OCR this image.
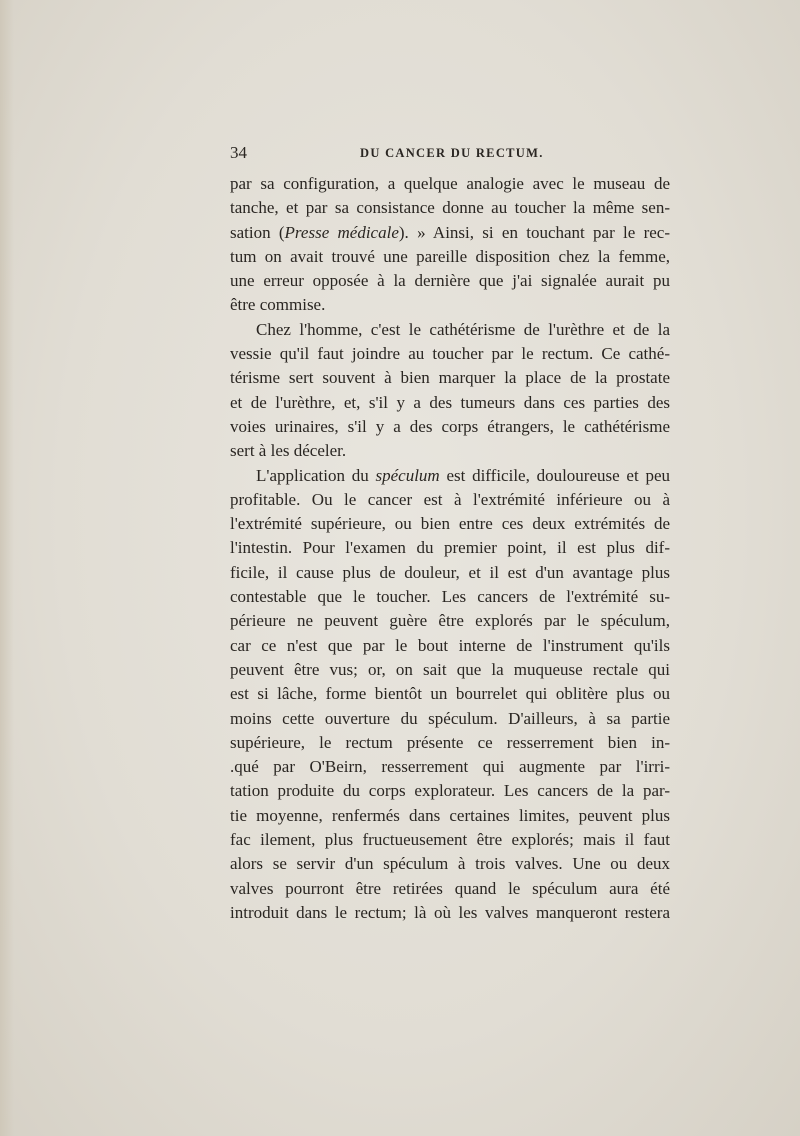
34	DU CANCER DU RECTUM.
par sa configuration, a quelque analogie avec le museau de
tanche, et par sa consistance donne au toucher la même sen-
sation (Presse médicale). » Ainsi, si en touchant par le rec-
tum on avait trouvé une pareille disposition chez la femme,
une erreur opposée à la dernière que j'ai signalée aurait pu
être commise.
Chez l'homme, c'est le cathétérisme de l'urèthre et de la
vessie qu'il faut joindre au toucher par le rectum. Ce cathé-
térisme sert souvent à bien marquer la place de la prostate
et de l'urèthre, et, s'il y a des tumeurs dans ces parties des
voies urinaires, s'il y a des corps étrangers, le cathétérisme
sert à les déceler.
L'application du spéculum est difficile, douloureuse et peu
profitable. Ou le cancer est à l'extrémité inférieure ou à
l'extrémité supérieure, ou bien entre ces deux extrémités de
l'intestin. Pour l'examen du premier point, il est plus dif-
ficile, il cause plus de douleur, et il est d'un avantage plus
contestable que le toucher. Les cancers de l'extrémité su-
périeure ne peuvent guère être explorés par le spéculum,
car ce n'est que par le bout interne de l'instrument qu'ils
peuvent être vus; or, on sait que la muqueuse rectale qui
est si lâche, forme bientôt un bourrelet qui oblitère plus ou
moins cette ouverture du spéculum. D'ailleurs, à sa partie
supérieure, le rectum présente ce resserrement bien in-
.qué par O'Beirn, resserrement qui augmente par l'irri-
tation produite du corps explorateur. Les cancers de la par-
tie moyenne, renfermés dans certaines limites, peuvent plus
fac ilement, plus fructueusement être explorés; mais il faut
alors se servir d'un spéculum à trois valves. Une ou deux
valves pourront être retirées quand le spéculum aura été
introduit dans le rectum; là où les valves manqueront restera
